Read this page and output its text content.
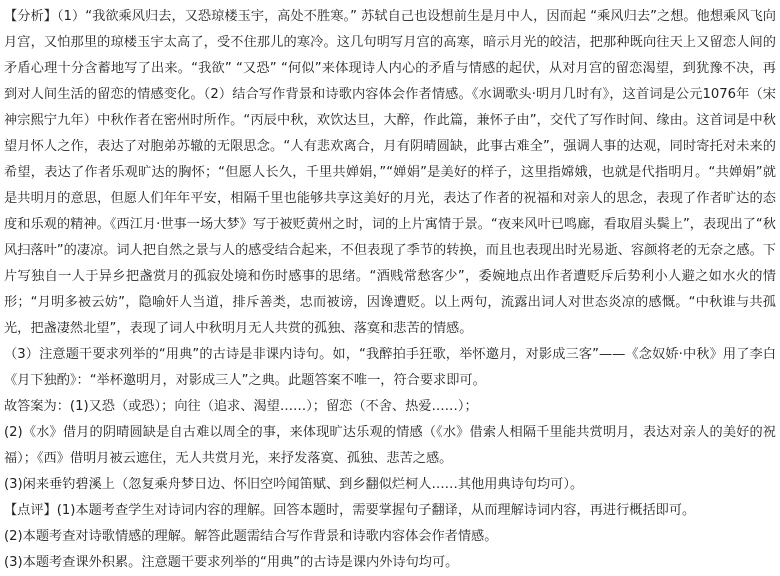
【分析】（1）“我欲乘风归去，又恐琼楼玉宇，高处不胜寒。” 苏轼自己也设想前生是月中人，因而起 “乘风归去”之想。他想乘风飞向月宫，又怕那里的琼楼玉宇太高了，受不住那儿的寒冷。这几句明写月宫的高寒，暗示月光的皎洁，把那种既向往天上又留恋人间的矛盾心理十分含蓄地写了出来。“我欲” “又恐” “何似”来体现诗人内心的矛盾与情感的起伏，从对月宫的留恋渴望，到犹豫不决，再到对人间生活的留恋的情感变化。（2）结合写作背景和诗歌内容体会作者情感。《水调歌头·明月几时有》，这首词是公元1076年（宋神宗熙宁九年）中秋作者在密州时所作。“丙辰中秋，欢饮达旦，大醉，作此篇，兼怀子由”，交代了写作时间、缘由。这首词是中秋望月怀人之作，表达了对胞弟苏辙的无限思念。“人有悲欢离合，月有阴晴圆缺，此事古难全”，强调人事的达观，同时寄托对未来的希望，表达了作者乐观旷达的胸怀；“但愿人长久，千里共婵娟，”“婵娟”是美好的样子，这里指嫦娥，也就是代指明月。“共婵娟”就是共明月的意思，但愿人们年年平安，相隔千里也能够共享这美好的月光，表达了作者的祝福和对亲人的思念，表现了作者旷达的态度和乐观的精神。《西江月·世事一场大梦》写于被贬黄州之时，词的上片寓情于景。“夜来风叶已鸣廊，看取眉头鬓上”，表现出了“秋风扫落叶”的凄凉。词人把自然之景与人的感受结合起来，不但表现了季节的转换，而且也表现出时光易逝、容颜将老的无奈之感。下片写独自一人于异乡把盏赏月的孤寂处境和伤时感事的思绪。“酒贱常愁客少”，委婉地点出作者遭贬斥后势利小人避之如水火的情形；“月明多被云妨”，隐喻奸人当道，排斥善类，忠而被谤，因谗遭贬。以上两句，流露出词人对世态炎凉的感慨。“中秋谁与共孤光，把盏凄然北望”，表现了词人中秋明月无人共赏的孤独、落寞和悲苦的情感。

（3）注意题干要求列举的“用典”的古诗是非课内诗句。如，“我醉拍手狂歌，举怀邀月，对影成三客”——《念奴娇·中秋》用了李白《月下独酌》：“举杯邀明月，对影成三人”之典。此题答案不唯一，符合要求即可。

故答案为：(1)又恐（或恐）；向往（追求、渴望……）；留恋（不舍、热爱……）；

(2)《水》借月的阴晴圆缺是自古难以周全的事，来体现旷达乐观的情感（《水》借索人相隔千里能共赏明月，表达对亲人的美好的祝福）；《西》借明月被云遮住，无人共赏月光，来抒发落寞、孤独、悲苦之感。

(3)闲来垂钓碧溪上（忽复乘舟梦日边、怀旧空吟闻笛赋、到乡翻似烂柯人……其他用典诗句均可）。

【点评】(1)本题考查学生对诗词内容的理解。回答本题时，需要掌握句子翻译，从而理解诗词内容，再进行概括即可。

(2)本题考查对诗歌情感的理解。解答此题需结合写作背景和诗歌内容体会作者情感。

(3)本题考查课外积累。注意题干要求列举的“用典”的古诗是课内外诗句均可。
